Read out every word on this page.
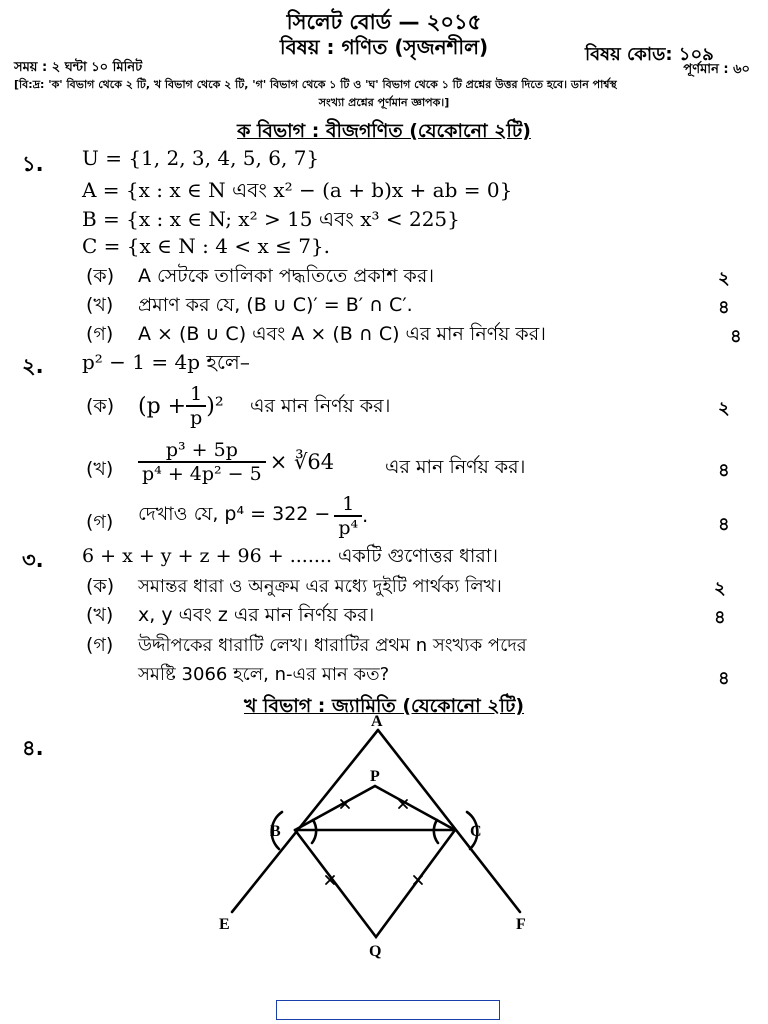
সিলেট বোর্ড — ২০১৫
বিষয় : গণিত (সৃজনশীল)	বিষয় কোড: ১০৯
সময় : ২ ঘন্টা ১০ মিনিট	পূর্ণমান : ৬০
[বি:দ্র: 'ক' বিভাগ থেকে ২ টি, খ বিভাগ থেকে ২ টি, 'গ' বিভাগ থেকে ১ টি ও 'ঘ' বিভাগ থেকে ১ টি প্রশ্নের উত্তর দিতে হবে। ডান পার্শ্বস্থ
সংখ্যা প্রশ্নের পূর্ণমান জ্ঞাপক।]
ক বিভাগ : বীজগণিত (যেকোনো ২টি)
১. U = {1, 2, 3, 4, 5, 6, 7}
A = {x : x ∈ N এবং x² − (a + b)x + ab = 0}
B = {x : x ∈ N; x² > 15 এবং x³ < 225}
C = {x ∈ N : 4 < x ≤ 7}.
(ক) A সেটকে তালিকা পদ্ধতিতে প্রকাশ কর।	২
(খ) প্রমাণ কর যে, (B ∪ C)′ = B′ ∩ C′.	৪
(গ) A × (B ∪ C) এবং A × (B ∩ C) এর মান নির্ণয় কর।	৪
২. p² − 1 = 4p হলে–
(ক) $(p + \frac{1}{p} )^2$ এর মান নির্ণয় কর।	২
(খ) $\frac{\text{p³ + 5p}}{\text{p⁴ + 4p² − 5}}$ × ∛64	এর মান নির্ণয় কর।	৪
(গ) দেখাও যে, $p^4 = 322 - \frac{1}{\text{p⁴}}$ .	৪
৩. 6 + x + y + z + 96 + ....... একটি গুণোত্তর ধারা।
(ক) সমান্তর ধারা ও অনুক্রম এর মধ্যে দুইটি পার্থক্য লিখ।	২
(খ) x, y এবং z এর মান নির্ণয় কর।	৪
(গ) উদ্দীপকের ধারাটি লেখ। ধারাটির প্রথম n সংখ্যক পদের
সমষ্টি 3066 হলে, n-এর মান কত?	৪
খ বিভাগ : জ্যামিতি (যেকোনো ২টি)
৪.
A
P
B	C
E	F
Q
